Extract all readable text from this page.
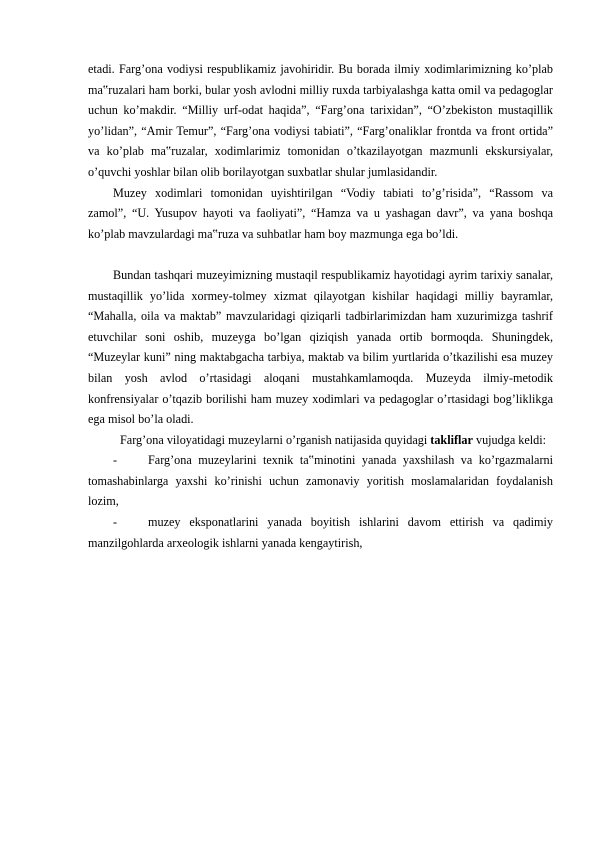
etadi. Farg’ona vodiysi respublikamiz javohiridir. Bu borada ilmiy xodimlarimizning ko’plab ma‟ruzalari ham borki, bular yosh avlodni milliy ruxda tarbiyalashga katta omil va pedagoglar uchun ko’makdir. “Milliy urf-odat haqida”, “Farg’ona tarixidan”, “O’zbekiston mustaqillik yo’lidan”, “Amir Temur”, “Farg’ona vodiysi tabiati”, “Farg’onaliklar frontda va front ortida” va ko’plab ma‟ruzalar, xodimlarimiz tomonidan o’tkazilayotgan mazmunli ekskursiyalar, o’quvchi yoshlar bilan olib borilayotgan suxbatlar shular jumlasidandir.

Muzey xodimlari tomonidan uyishtirilgan “Vodiy tabiati to’g’risida”, “Rassom va zamol”, “U. Yusupov hayoti va faoliyati”, “Hamza va u yashagan davr”, va yana boshqa ko’plab mavzulardagi ma‟ruza va suhbatlar ham boy mazmunga ega bo’ldi.

Bundan tashqari muzeyimizning mustaqil respublikamiz hayotidagi ayrim tarixiy sanalar, mustaqillik yo’lida xormey-tolmey xizmat qilayotgan kishilar haqidagi milliy bayramlar, “Mahalla, oila va maktab” mavzularidagi qiziqarli tadbirlarimizdan ham xuzurimizga tashrif etuvchilar soni oshib, muzeyga bo’lgan qiziqish yanada ortib bormoqda. Shuningdek, “Muzeylar kuni” ning maktabgacha tarbiya, maktab va bilim yurtlarida o’tkazilishi esa muzey bilan yosh avlod o’rtasidagi aloqani mustahkamlamoqda. Muzeyda ilmiy-metodik konfrensiyalar o’tqazib borilishi ham muzey xodimlari va pedagoglar o’rtasidagi bog’liklikga ega misol bo’la oladi.

Farg’ona viloyatidagi muzeylarni o’rganish natijasida quyidagi takliflar vujudga keldi:

-	Farg’ona muzeylarini texnik ta‟minotini yanada yaxshilash va ko’rgazmalarni tomashabinlarga yaxshi ko’rinishi uchun zamonaviy yoritish moslamalaridan foydalanish lozim,

-	muzey eksponatlarini yanada boyitish ishlarini davom ettirish va qadimiy manzilgohlarda arxeologik ishlarni yanada kengaytirish,
